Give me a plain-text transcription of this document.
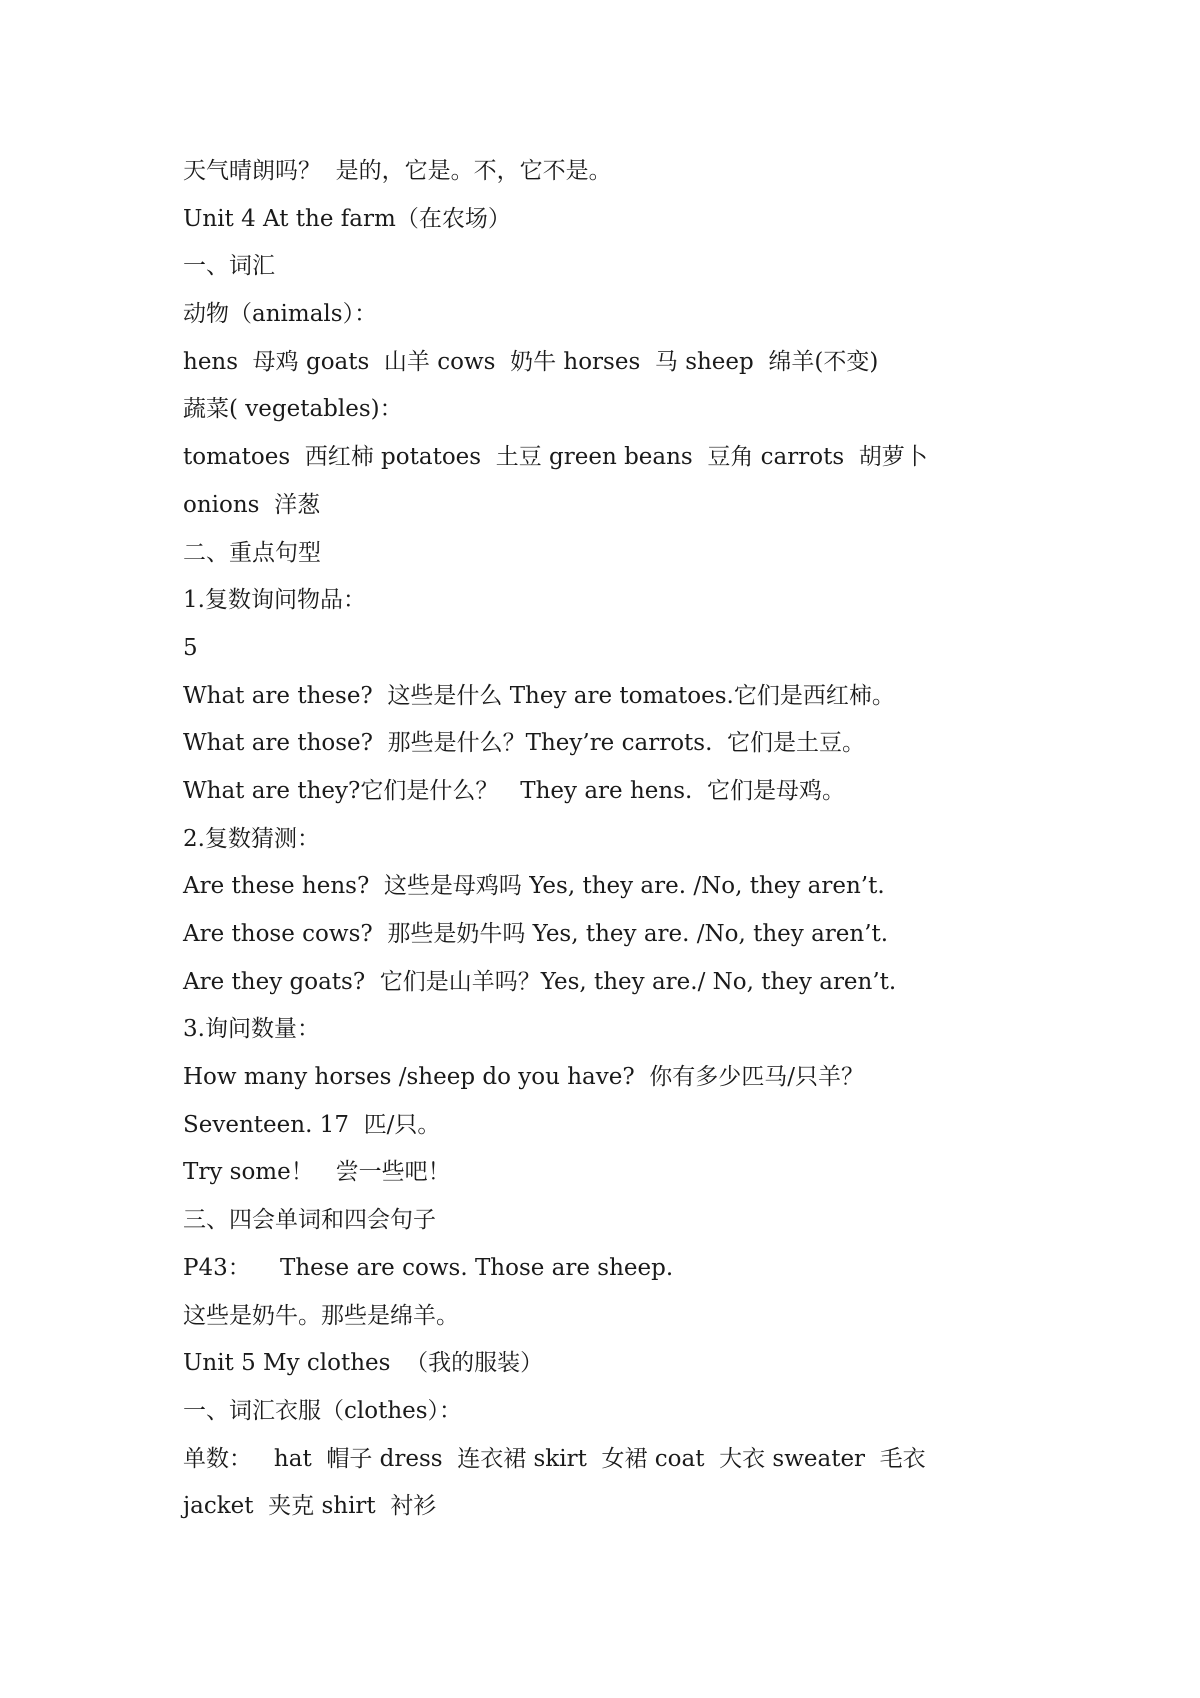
天气晴朗吗？  是的，它是。不，它不是。
Unit 4 At the farm（在农场）
一、词汇
动物（animals）：
hens  母鸡 goats  山羊 cows  奶牛 horses  马 sheep  绵羊(不变)
蔬菜( vegetables)：
tomatoes  西红柿 potatoes  土豆 green beans  豆角 carrots  胡萝卜
onions  洋葱
二、重点句型
1.复数询问物品：
5
What are these?  这些是什么 They are tomatoes.它们是西红柿。
What are those?  那些是什么？They’re carrots.  它们是土豆。
What are they?它们是什么？   They are hens.  它们是母鸡。
2.复数猜测：
Are these hens?  这些是母鸡吗 Yes, they are. /No, they aren’t.
Are those cows?  那些是奶牛吗 Yes, they are. /No, they aren’t.
Are they goats?  它们是山羊吗？Yes, they are./ No, they aren’t.
3.询问数量：
How many horses /sheep do you have?  你有多少匹马/只羊？
Seventeen. 17  匹/只。
Try some！   尝一些吧！
三、四会单词和四会句子
P43：    These are cows. Those are sheep.
这些是奶牛。那些是绵羊。
Unit 5 My clothes  （我的服装）
一、词汇衣服（clothes）：
单数：   hat  帽子 dress  连衣裙 skirt  女裙 coat  大衣 sweater  毛衣
jacket  夹克 shirt  衬衫
